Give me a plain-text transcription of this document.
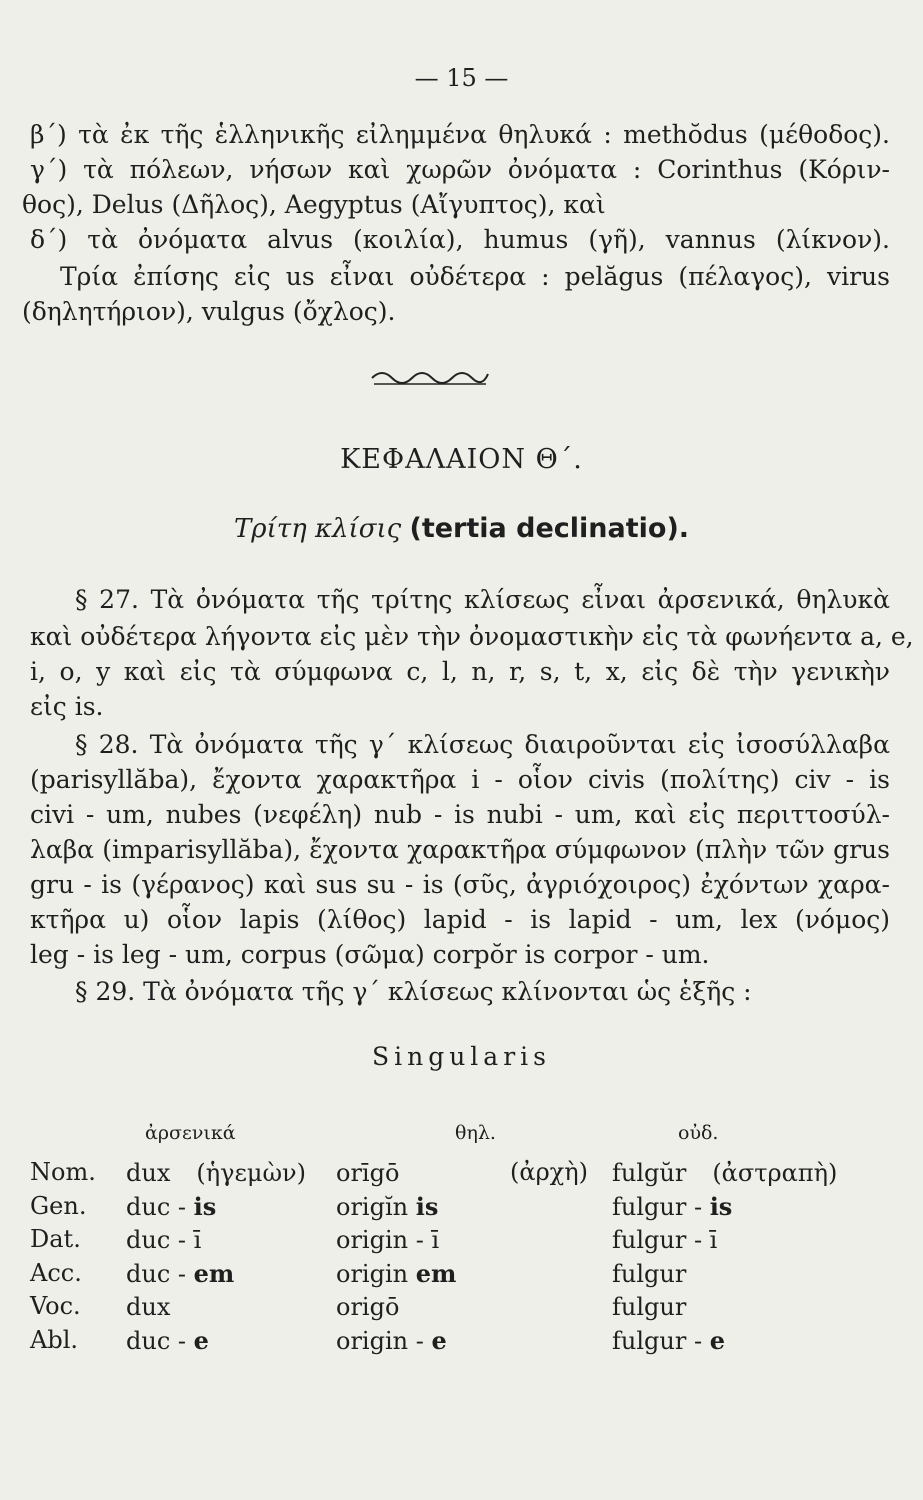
— 15 —
β΄) τὰ ἐκ τῆς ἑλληνικῆς εἰλημμένα θηλυκά : methŏdus (μέθοδος).
γ΄) τὰ πόλεων, νήσων καὶ χωρῶν ὀνόματα : Corinthus (Κόριν-
θος), Delus (Δῆλος), Aegyptus (Αἴγυπτος), καὶ
δ΄) τὰ ὀνόματα alvus (κοιλία), humus (γῆ), vannus (λίκνον).
Τρία ἐπίσης εἰς us εἶναι οὐδέτερα : pelăgus (πέλαγος), virus
(δηλητήριον), vulgus (ὄχλος).
ΚΕΦΑΛΑΙΟΝ Θ΄.
Τρίτη κλίσις (tertia declinatio).
§ 27. Τὰ ὀνόματα τῆς τρίτης κλίσεως εἶναι ἀρσενικά, θηλυκὰ
καὶ οὐδέτερα λήγοντα εἰς μὲν τὴν ὀνομαστικὴν εἰς τὰ φωνήεντα a, e,
i, o, y καὶ εἰς τὰ σύμφωνα c, l, n, r, s, t, x, εἰς δὲ τὴν γενικὴν
εἰς is.
§ 28. Τὰ ὀνόματα τῆς γ΄ κλίσεως διαιροῦνται εἰς ἰσοσύλλαβα
(parisyllăba), ἔχοντα χαρακτῆρα i - οἷον civis (πολίτης) civ - is
civi - um, nubes (νεφέλη) nub - is nubi - um, καὶ εἰς περιττοσύλ-
λαβα (imparisyllăba), ἔχοντα χαρακτῆρα σύμφωνον (πλὴν τῶν grus
gru - is (γέρανος) καὶ sus su - is (σῦς, ἀγριόχοιρος) ἐχόντων χαρα-
κτῆρα u) οἷον lapis (λίθος) lapid - is lapid - um, lex (νόμος)
leg - is leg - um, corpus (σῶμα) corpŏr is corpor - um.
§ 29. Τὰ ὀνόματα τῆς γ΄ κλίσεως κλίνονται ὡς ἑξῆς :
Singularis
ἀρσενικά	θηλ.	οὐδ.
Nom.	dux (ἡγεμὼν)	orīgō	(ἀρχὴ)	fulgŭr (ἀστραπὴ)
Gen.	duc - is	origĭn is		fulgur - is
Dat.	duc - ī	origin - ī		fulgur - ī
Acc.	duc - em	origin em		fulgur
Voc.	dux	origō		fulgur
Abl.	duc - e	origin - e		fulgur - e
